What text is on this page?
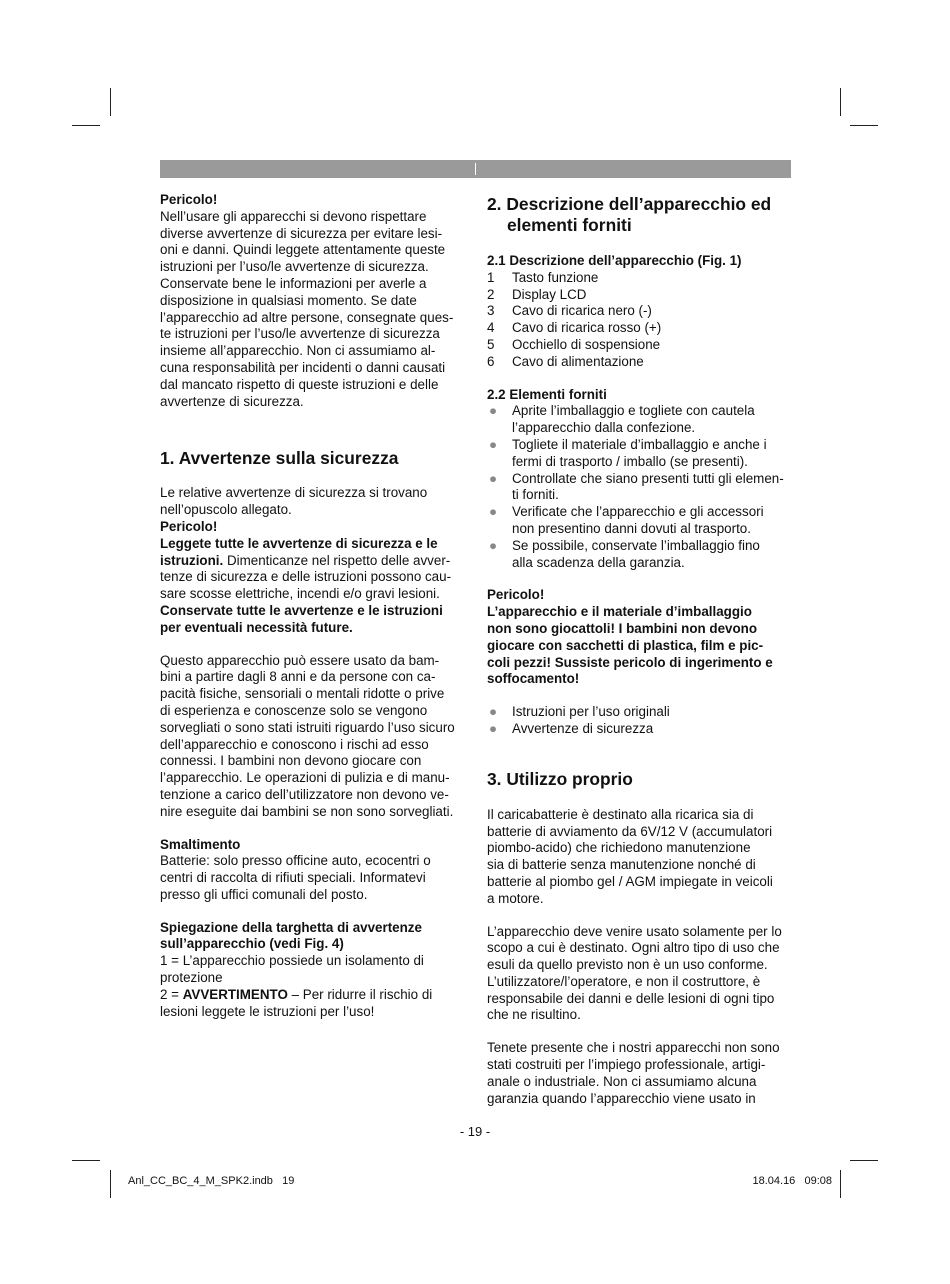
Pericolo!

Nell’usare gli apparecchi si devono rispettare
diverse avvertenze di sicurezza per evitare lesi-
oni e danni. Quindi leggete attentamente queste
istruzioni per l’uso/le avvertenze di sicurezza.
Conservate bene le informazioni per averle a
disposizione in qualsiasi momento. Se date
l’apparecchio ad altre persone, consegnate ques-
te istruzioni per l’uso/le avvertenze di sicurezza
insieme all’apparecchio. Non ci assumiamo al-
cuna responsabilità per incidenti o danni causati
dal mancato rispetto di queste istruzioni e delle
avvertenze di sicurezza.
1. Avvertenze sulla sicurezza
Le relative avvertenze di sicurezza si trovano
nell’opuscolo allegato.

Pericolo!

Leggete tutte le avvertenze di sicurezza e le
istruzioni. Dimenticanze nel rispetto delle avver-
tenze di sicurezza e delle istruzioni possono cau-
sare scosse elettriche, incendi e/o gravi lesioni.
Conservate tutte le avvertenze e le istruzioni
per eventuali necessità future.
Questo apparecchio può essere usato da bam-
bini a partire dagli 8 anni e da persone con ca-
pacità fisiche, sensoriali o mentali ridotte o prive
di esperienza e conoscenze solo se vengono
sorvegliati o sono stati istruiti riguardo l’uso sicuro
dell’apparecchio e conoscono i rischi ad esso
connessi. I bambini non devono giocare con
l’apparecchio. Le operazioni di pulizia e di manu-
tenzione a carico dell’utilizzatore non devono ve-
nire eseguite dai bambini se non sono sorvegliati.

Smaltimento

Batterie: solo presso officine auto, ecocentri o
centri di raccolta di rifiuti speciali. Informatevi
presso gli uffici comunali del posto.
Spiegazione della targhetta di avvertenze
sull’apparecchio (vedi Fig. 4)
1 = L’apparecchio possiede un isolamento di
protezione
2 = AVVERTIMENTO – Per ridurre il rischio di
lesioni leggete le istruzioni per l’uso!
2. Descrizione dell’apparecchio ed
elementi forniti
2.1 Descrizione dell’apparecchio (Fig. 1)
1 Tasto funzione
2 Display LCD
3 Cavo di ricarica nero (-)
4 Cavo di ricarica rosso (+)
5 Occhiello di sospensione
6 Cavo di alimentazione
2.2 Elementi forniti
● Aprite l’imballaggio e togliete con cautela
l’apparecchio dalla confezione.
● Togliete il materiale d’imballaggio e anche i
fermi di trasporto / imballo (se presenti).
● Controllate che siano presenti tutti gli elemen-
ti forniti.
● Verificate che l’apparecchio e gli accessori
non presentino danni dovuti al trasporto.
● Se possibile, conservate l’imballaggio fino
alla scadenza della garanzia.

Pericolo!

L’apparecchio e il materiale d’imballaggio
non sono giocattoli! I bambini non devono
giocare con sacchetti di plastica, film e pic-
coli pezzi! Sussiste pericolo di ingerimento e
soffocamento!
● Istruzioni per l’uso originali
● Avvertenze di sicurezza
3. Utilizzo proprio
Il caricabatterie è destinato alla ricarica sia di
batterie di avviamento da 6V/12 V (accumulatori
piombo-acido) che richiedono manutenzione
sia di batterie senza manutenzione nonché di
batterie al piombo gel / AGM impiegate in veicoli
a motore.
L’apparecchio deve venire usato solamente per lo
scopo a cui è destinato. Ogni altro tipo di uso che
esuli da quello previsto non è un uso conforme.
L’utilizzatore/l’operatore, e non il costruttore, è
responsabile dei danni e delle lesioni di ogni tipo
che ne risultino.
Tenete presente che i nostri apparecchi non sono
stati costruiti per l’impiego professionale, artigi-
anale o industriale. Non ci assumiamo alcuna
garanzia quando l’apparecchio viene usato in
- 19 -
Anl_CC_BC_4_M_SPK2.indb   19	18.04.16   09:08
